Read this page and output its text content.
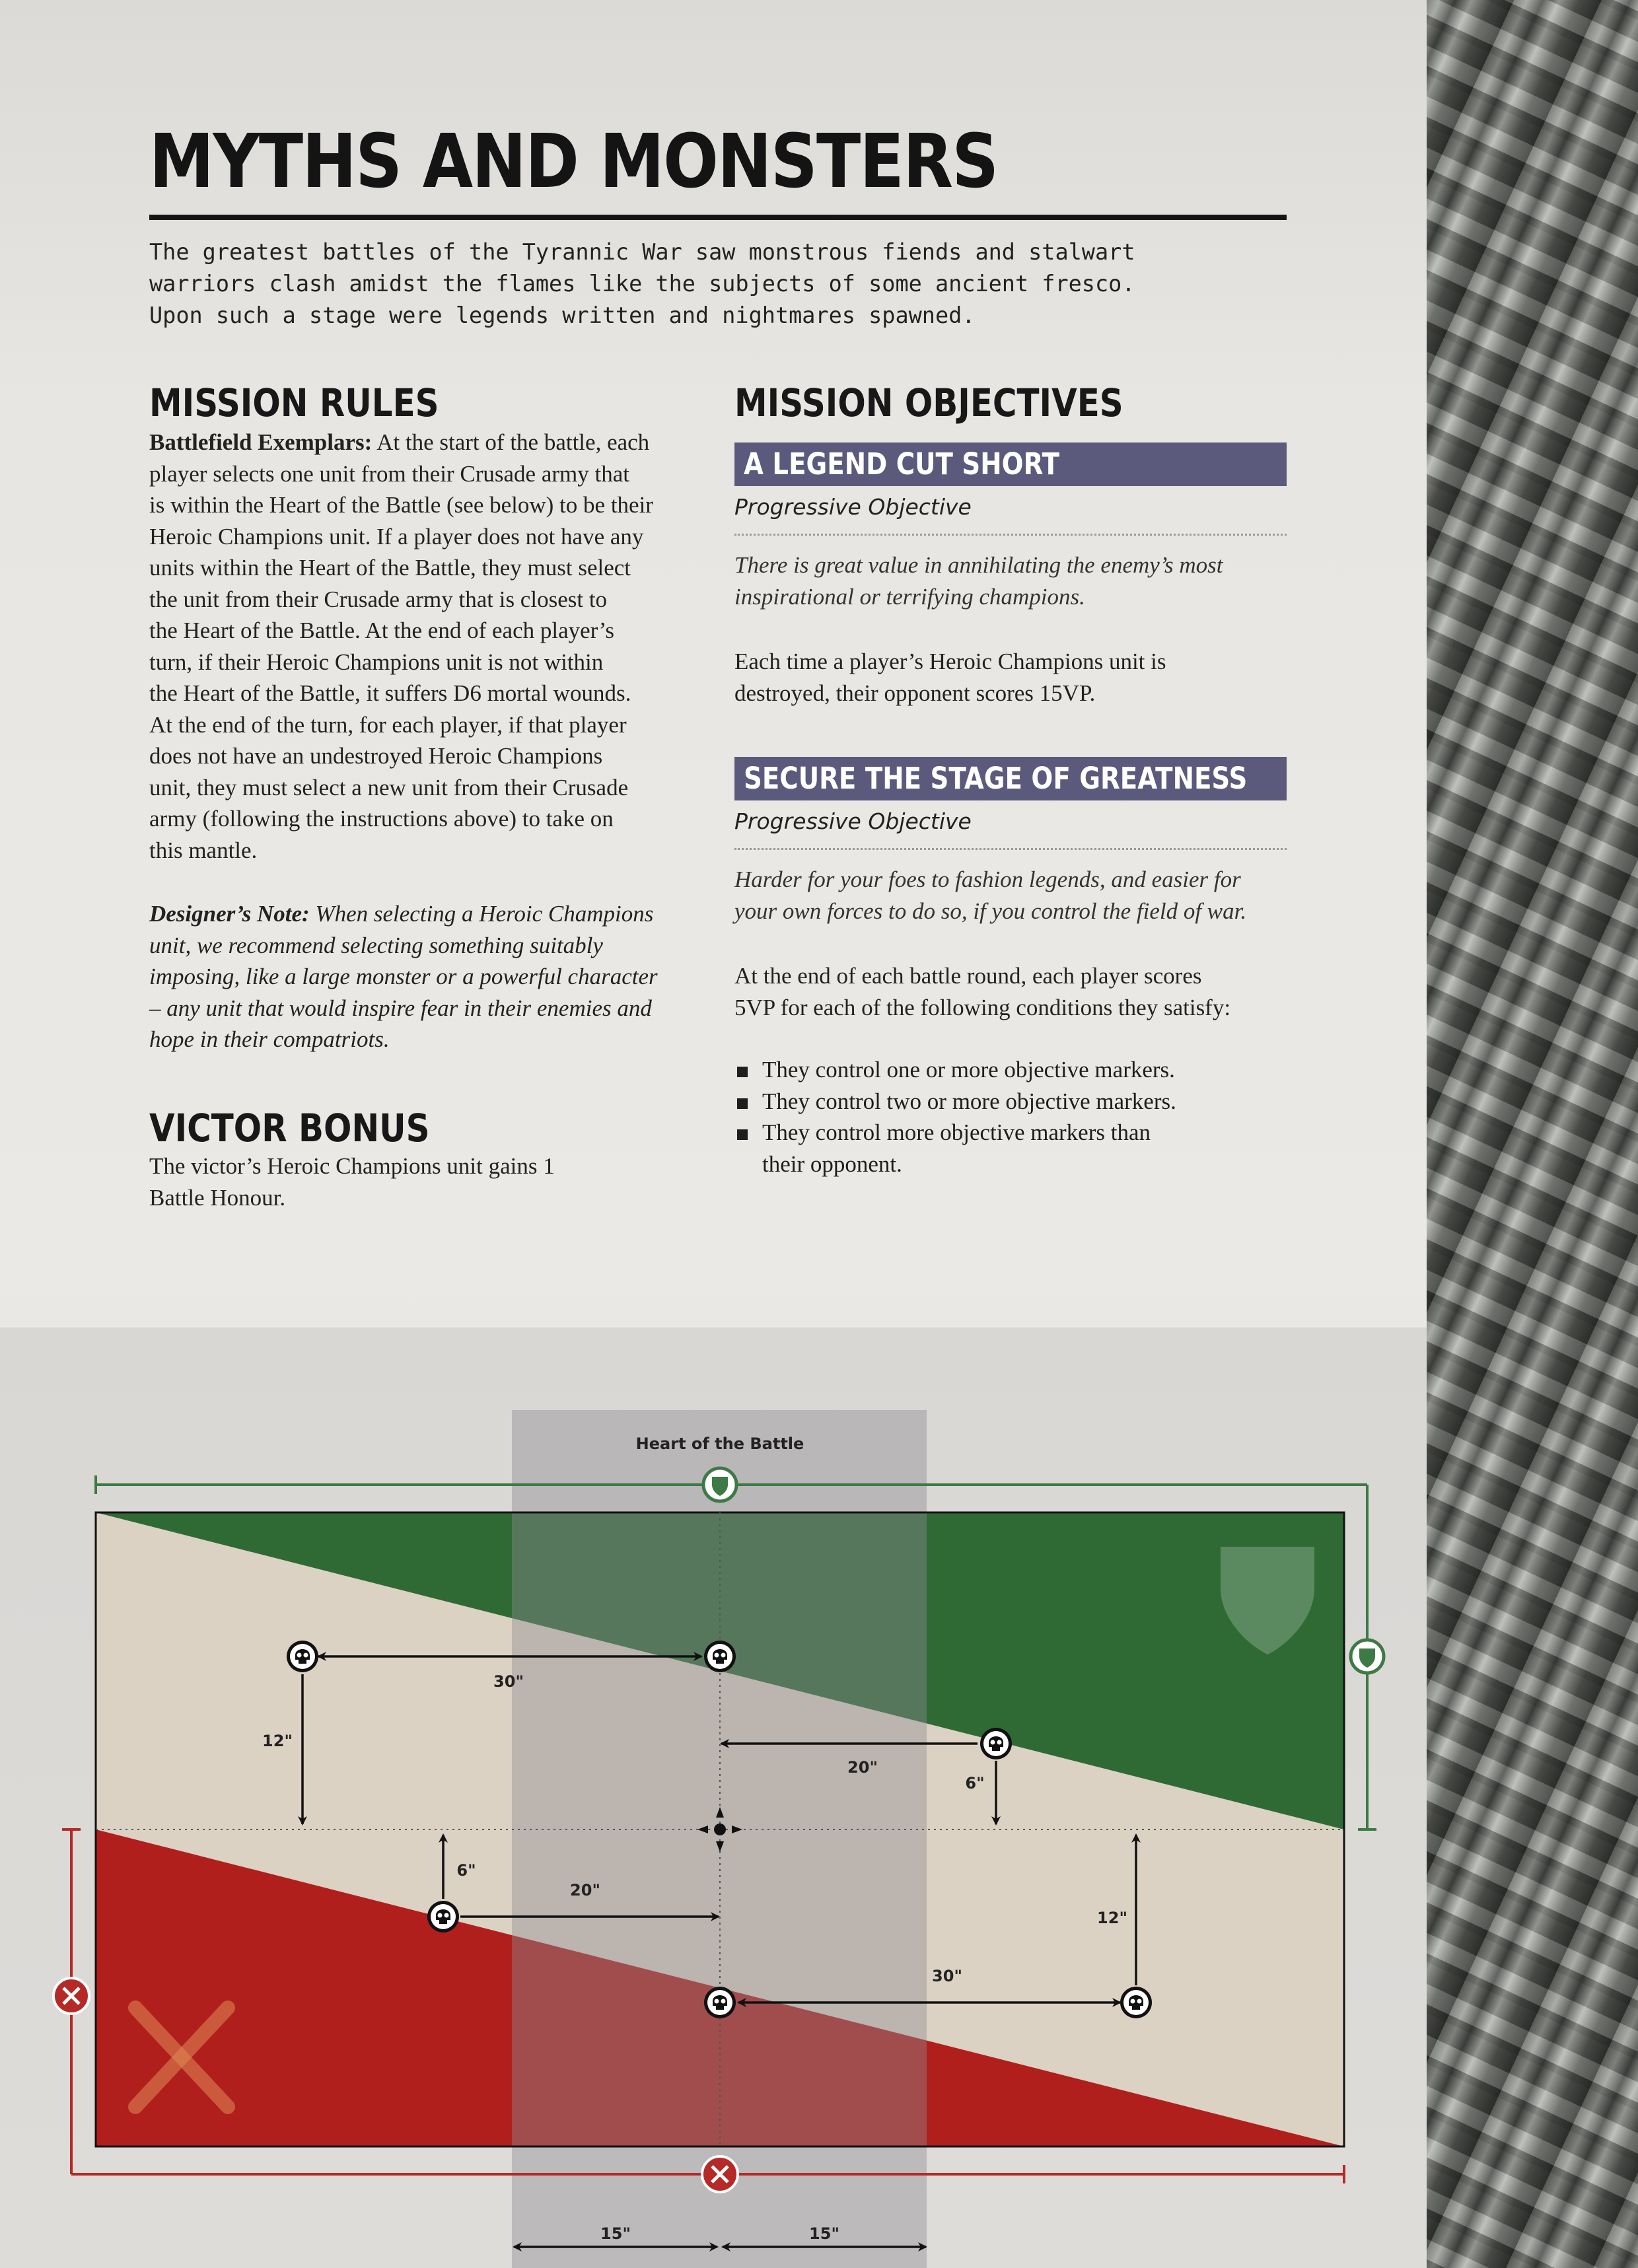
MYTHS AND MONSTERS

The greatest battles of the Tyrannic War saw monstrous fiends and stalwart
warriors clash amidst the flames like the subjects of some ancient fresco.
Upon such a stage were legends written and nightmares spawned.

MISSION RULES
Battlefield Exemplars: At the start of the battle, each
player selects one unit from their Crusade army that
is within the Heart of the Battle (see below) to be their
Heroic Champions unit. If a player does not have any
units within the Heart of the Battle, they must select
the unit from their Crusade army that is closest to
the Heart of the Battle. At the end of each player’s
turn, if their Heroic Champions unit is not within
the Heart of the Battle, it suffers D6 mortal wounds.
At the end of the turn, for each player, if that player
does not have an undestroyed Heroic Champions
unit, they must select a new unit from their Crusade
army (following the instructions above) to take on
this mantle.
Designer’s Note: When selecting a Heroic Champions
unit, we recommend selecting something suitably
imposing, like a large monster or a powerful character
– any unit that would inspire fear in their enemies and
hope in their compatriots.
VICTOR BONUS
The victor’s Heroic Champions unit gains 1
Battle Honour.
MISSION OBJECTIVES
A LEGEND CUT SHORT
Progressive Objective
There is great value in annihilating the enemy’s most
inspirational or terrifying champions.
Each time a player’s Heroic Champions unit is
destroyed, their opponent scores 15VP.
SECURE THE STAGE OF GREATNESS
Progressive Objective
Harder for your foes to fashion legends, and easier for
your own forces to do so, if you control the field of war.
At the end of each battle round, each player scores
5VP for each of the following conditions they satisfy:
They control one or more objective markers.
They control two or more objective markers.
They control more objective markers than
their opponent.
Heart of the Battle
30"
12"
20"
6"
6"
20"
12"
30"
15"	15"
